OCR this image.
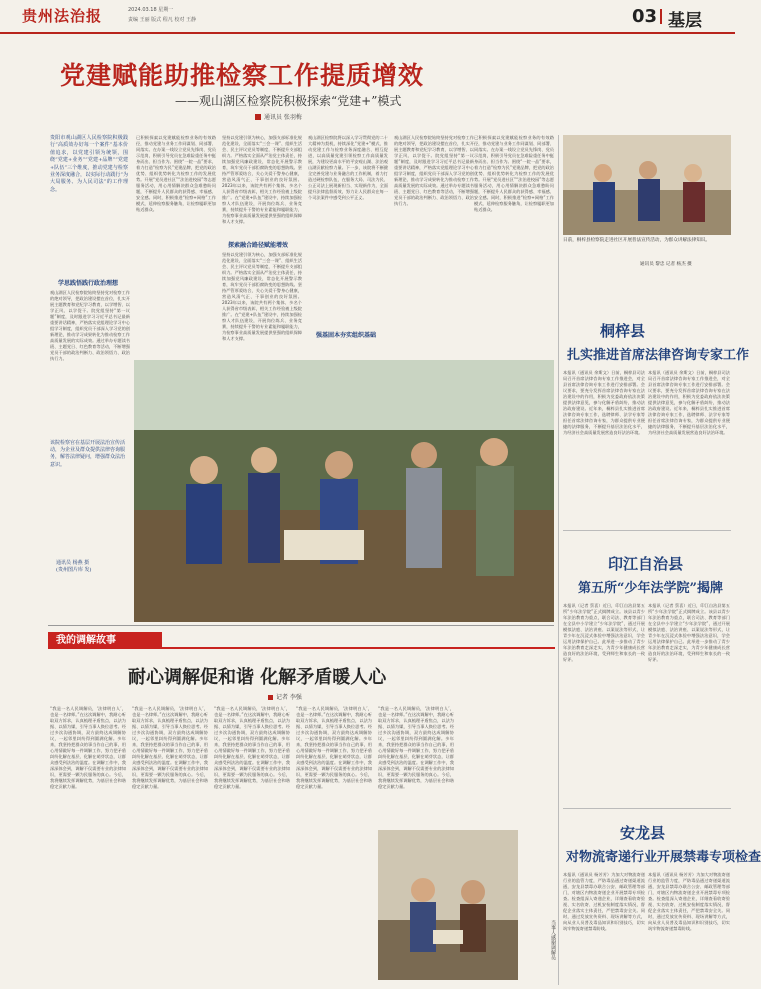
贵州法治报	2024.03.18 星期一
责编 王丽 版式 程凡 校对 王静	03 基层
党建赋能助推检察工作提质增效
——观山湖区检察院积极探索“党建+”模式
通讯员 张羽梅
贵阳市观山湖区人民检察院积极践行“高质效办好每一个案件”基本价值追求，以党建引领为统领，围绕“党建+业务”“党建+品牌”“党建+队伍”三个维度，推动党建与检察业务深度融合，以实际行动践行“为大局服务、为人民司法”的工作理念。
学思践悟践行政治理想
观山湖区人民检察院始终坚持党对检察工作的绝对领导，把政治建设摆在首位，扎实开展主题教育和党纪学习教育，以学增智、以学正风、以学促干。院党组坚持“第一议题”制度，及时跟进学习习近平总书记最新重要讲话精神，严格落实党组理论学习中心组学习制度，组织党员干部深入学习党的创新理论，推动学习成果转化为推动检察工作高质量发展的实际成效。通过举办专题读书班、主题党日、红色教育等活动，不断增强党员干部的政治判断力、政治领悟力、政治执行力。
已积极探索以党建赋能检察业务的有效路径，推动党建与业务工作同谋划、同部署、同落实。在办案一线设立党员先锋岗、党员示范岗，积极引导党员在急难险重任务中挺身而出、担当作为。围绕“一院一品”要求，着力打造“检察为民”党建品牌，把党的政治优势、组织优势转化为检察工作的发展优势。开展“党员进社区”“法治进校园”等志愿服务活动，用心用情解决群众急难愁盼问题，不断提升人民群众的获得感、幸福感、安全感。同时，积极推进“检察+网格”工作模式，延伸检察服务触角，让检察履职更加贴近群众。
坚持以党建引领为核心，加强支部标准化规范化建设，全面落实“三会一课”、组织生活会、民主评议党员等制度，不断提升支部组织力。严格落实全面从严治党主体责任，持续加强党风廉政建设，常态化开展警示教育，筑牢党员干部拒腐防变的思想防线。坚持严管厚爱结合，关心关爱干警身心健康，营造风清气正、干事创业的良好氛围。2023年以来，该院共有两个集体、多名个人获得省市级表彰，相关工作经验被上级院推广。在“党建+队伍”建设中，持续加强检察人才队伍建设，开展岗位练兵、业务竞赛，持续提升干警的专业素能和履职能力，为检察事业高质量发展提供坚强的组织保障和人才支撑。
探索融合路径赋能增效
坚持以党建引领为核心，加强支部标准化规范化建设，全面落实“三会一课”、组织生活会、民主评议党员等制度，不断提升支部组织力。严格落实全面从严治党主体责任，持续加强党风廉政建设，常态化开展警示教育，筑牢党员干部拒腐防变的思想防线。坚持严管厚爱结合，关心关爱干警身心健康，营造风清气正、干事创业的良好氛围。2023年以来，该院共有两个集体、多名个人获得省市级表彰，相关工作经验被上级院推广。在“党建+队伍”建设中，持续加强检察人才队伍建设，开展岗位练兵、业务竞赛，持续提升干警的专业素能和履职能力，为检察事业高质量发展提供坚强的组织保障和人才支撑。
观山湖区检察院将以深入学习贯彻党的二十大精神为契机，持续深化“党建+”模式，推动党建工作与检察业务深度融合、相互促进，以高质量党建引领检察工作高质量发展，为建设更高水平的平安观山湖、法治观山湖贡献检察力量。下一步，该院将不断健全完善党建与业务融合的工作机制，着力打造过硬检察队伍，在服务大局、司法为民、公正司法上展现新担当、实现新作为，全面提升法律监督质效，努力让人民群众在每一个司法案件中感受到公平正义。
强基固本夯实组织基础
观山湖区人民检察院始终坚持党对检察工作的绝对领导，把政治建设摆在首位，扎实开展主题教育和党纪学习教育，以学增智、以学正风、以学促干。院党组坚持“第一议题”制度，及时跟进学习习近平总书记最新重要讲话精神，严格落实党组理论学习中心组学习制度，组织党员干部深入学习党的创新理论，推动学习成果转化为推动检察工作高质量发展的实际成效。通过举办专题读书班、主题党日、红色教育等活动，不断增强党员干部的政治判断力、政治领悟力、政治执行力。
已积极探索以党建赋能检察业务的有效路径，推动党建与业务工作同谋划、同部署、同落实。在办案一线设立党员先锋岗、党员示范岗，积极引导党员在急难险重任务中挺身而出、担当作为。围绕“一院一品”要求，着力打造“检察为民”党建品牌，把党的政治优势、组织优势转化为检察工作的发展优势。开展“党员进社区”“法治进校园”等志愿服务活动，用心用情解决群众急难愁盼问题，不断提升人民群众的获得感、幸福感、安全感。同时，积极推进“检察+网格”工作模式，延伸检察服务触角，让检察履职更加贴近群众。
该院检察官在基层开展法治宣传活动，为企业及群众提供法律咨询服务，解答法律疑问，增强群众法治意识。
通讯员 杨燕 摄
(贵州图片库 发)
日前，桐梓县检察院走进社区开展普法宣传活动，为群众讲解法律知识。
通讯员 黎忠 记者 杨杰 摄
桐梓县
扎实推进首席法律咨询专家工作
本报讯（通讯员 余斯文）日前，桐梓县司法局召开首席法律咨询专家工作推进会，对全县首席法律咨询专家工作进行安排部署。会议要求，要充分发挥首席法律咨询专家在法治建设中的作用，积极为党委政府依法决策提供法律意见，参与化解矛盾纠纷，推动法治政府建设。近年来，桐梓县扎实推进首席法律咨询专家工作，选聘律师、法学专家等担任首席法律咨询专家，为群众提供专业便捷的法律服务，不断提升基层法治化水平，为经济社会高质量发展营造良好法治环境。
本报讯（通讯员 余斯文）日前，桐梓县司法局召开首席法律咨询专家工作推进会，对全县首席法律咨询专家工作进行安排部署。会议要求，要充分发挥首席法律咨询专家在法治建设中的作用，积极为党委政府依法决策提供法律意见，参与化解矛盾纠纷，推动法治政府建设。近年来，桐梓县扎实推进首席法律咨询专家工作，选聘律师、法学专家等担任首席法律咨询专家，为群众提供专业便捷的法律服务，不断提升基层法治化水平，为经济社会高质量发展营造良好法治环境。
印江自治县
第五所“少年法学院”揭牌
本报讯（记者 蔡喜）近日，印江自治县第五所“少年法学院”正式揭牌成立。该县以青少年法治教育为重点，联合司法、教育等部门在全县中小学建立“少年法学院”，通过开展模拟法庭、法治讲座、以案说法等形式，让青少年在沉浸式体验中增强法治意识，学会运用法律保护自己。此举进一步推动了青少年法治教育走深走实，为青少年健康成长营造良好的法治环境，受到师生和家长的一致好评。
本报讯（记者 蔡喜）近日，印江自治县第五所“少年法学院”正式揭牌成立。该县以青少年法治教育为重点，联合司法、教育等部门在全县中小学建立“少年法学院”，通过开展模拟法庭、法治讲座、以案说法等形式，让青少年在沉浸式体验中增强法治意识，学会运用法律保护自己。此举进一步推动了青少年法治教育走深走实，为青少年健康成长营造良好的法治环境，受到师生和家长的一致好评。
安龙县
对物流寄递行业开展禁毒专项检查
本报讯（通讯员 杨芳芳）为加大对物流寄递行业的监管力度，严防毒品通过寄递渠道流通，安龙县禁毒办联合公安、邮政管理等部门，对辖区内物流寄递企业开展禁毒专项检查。检查组深入寄递企业，详细查看收寄验视、实名收寄、过机安检制度落实情况，督促企业落实主体责任，严把禁毒安全关。同时，通过发放宣传资料、现场讲解等方式，向从业人员普及毒品知识和识别技巧，切实筑牢物流寄递禁毒防线。
本报讯（通讯员 杨芳芳）为加大对物流寄递行业的监管力度，严防毒品通过寄递渠道流通，安龙县禁毒办联合公安、邮政管理等部门，对辖区内物流寄递企业开展禁毒专项检查。检查组深入寄递企业，详细查看收寄验视、实名收寄、过机安检制度落实情况，督促企业落实主体责任，严把禁毒安全关。同时，通过发放宣传资料、现场讲解等方式，向从业人员普及毒品知识和识别技巧，切实筑牢物流寄递禁毒防线。
我的调解故事
耐心调解促和谐 化解矛盾暖人心
记者 李强
“我是一名人民调解员，‘法律明白人’，也是一名律师。”在这次调解中，我耐心听取双方诉求，认真梳理矛盾焦点，以法为据、以情为媒，引导当事人换位思考。经过多次沟通协调，双方最终达成调解协议，一起邻里纠纷得到圆满化解。多年来，我坚持把群众的事当作自己的事，用心用情做好每一件调解工作，努力把矛盾纠纷化解在基层、化解在萌芽状态，让群众感受到法治的温度。在调解工作中，我深深体会到，调解不仅需要专业的法律知识，更需要一颗为民服务的真心。今后，我将继续发挥调解优势，为基层社会和谐稳定贡献力量。
“我是一名人民调解员，‘法律明白人’，也是一名律师。”在这次调解中，我耐心听取双方诉求，认真梳理矛盾焦点，以法为据、以情为媒，引导当事人换位思考。经过多次沟通协调，双方最终达成调解协议，一起邻里纠纷得到圆满化解。多年来，我坚持把群众的事当作自己的事，用心用情做好每一件调解工作，努力把矛盾纠纷化解在基层、化解在萌芽状态，让群众感受到法治的温度。在调解工作中，我深深体会到，调解不仅需要专业的法律知识，更需要一颗为民服务的真心。今后，我将继续发挥调解优势，为基层社会和谐稳定贡献力量。
“我是一名人民调解员，‘法律明白人’，也是一名律师。”在这次调解中，我耐心听取双方诉求，认真梳理矛盾焦点，以法为据、以情为媒，引导当事人换位思考。经过多次沟通协调，双方最终达成调解协议，一起邻里纠纷得到圆满化解。多年来，我坚持把群众的事当作自己的事，用心用情做好每一件调解工作，努力把矛盾纠纷化解在基层、化解在萌芽状态，让群众感受到法治的温度。在调解工作中，我深深体会到，调解不仅需要专业的法律知识，更需要一颗为民服务的真心。今后，我将继续发挥调解优势，为基层社会和谐稳定贡献力量。
“我是一名人民调解员，‘法律明白人’，也是一名律师。”在这次调解中，我耐心听取双方诉求，认真梳理矛盾焦点，以法为据、以情为媒，引导当事人换位思考。经过多次沟通协调，双方最终达成调解协议，一起邻里纠纷得到圆满化解。多年来，我坚持把群众的事当作自己的事，用心用情做好每一件调解工作，努力把矛盾纠纷化解在基层、化解在萌芽状态，让群众感受到法治的温度。在调解工作中，我深深体会到，调解不仅需要专业的法律知识，更需要一颗为民服务的真心。今后，我将继续发挥调解优势，为基层社会和谐稳定贡献力量。
“我是一名人民调解员，‘法律明白人’，也是一名律师。”在这次调解中，我耐心听取双方诉求，认真梳理矛盾焦点，以法为据、以情为媒，引导当事人换位思考。经过多次沟通协调，双方最终达成调解协议，一起邻里纠纷得到圆满化解。多年来，我坚持把群众的事当作自己的事，用心用情做好每一件调解工作，努力把矛盾纠纷化解在基层、化解在萌芽状态，让群众感受到法治的温度。在调解工作中，我深深体会到，调解不仅需要专业的法律知识，更需要一颗为民服务的真心。今后，我将继续发挥调解优势，为基层社会和谐稳定贡献力量。
当事人感谢调解员
